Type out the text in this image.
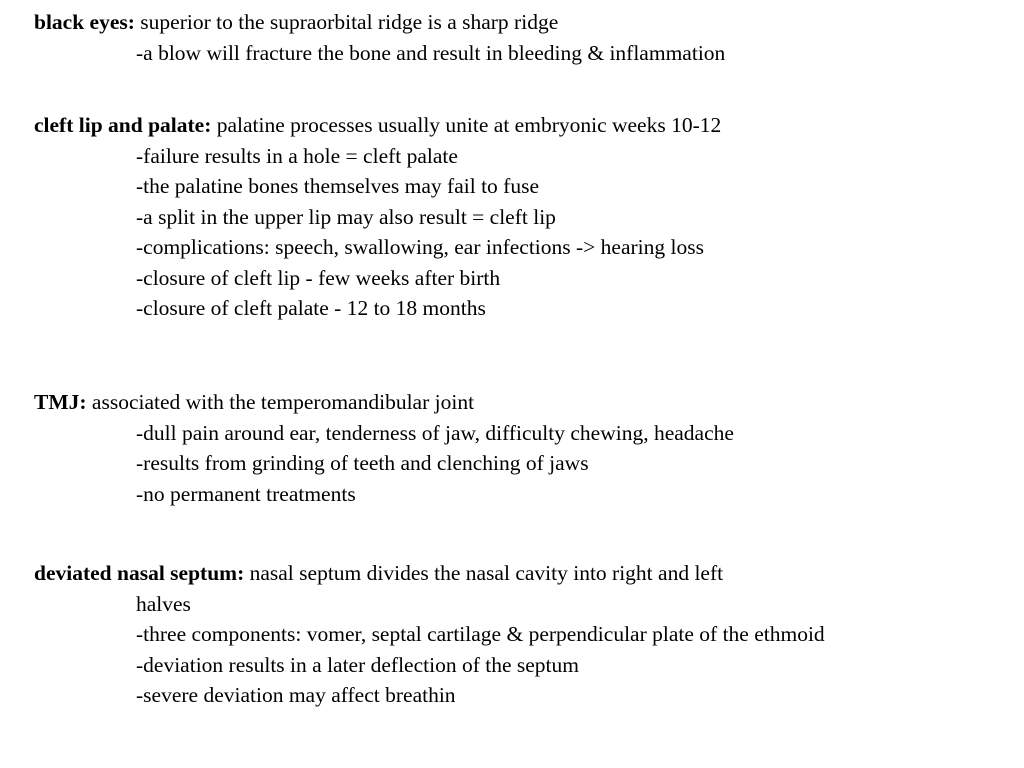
black eyes: superior to the supraorbital ridge is a sharp ridge

-a blow will fracture the bone and result in bleeding & inflammation

cleft lip and palate: palatine processes usually unite at embryonic weeks 10-12

-failure results in a hole = cleft palate

-the palatine bones themselves may fail to fuse

-a split in the upper lip may also result = cleft lip

-complications: speech, swallowing, ear infections -> hearing loss

-closure of cleft lip - few weeks after birth

-closure of cleft palate - 12 to 18 months

TMJ: associated with the temperomandibular joint

-dull pain around ear, tenderness of jaw, difficulty chewing, headache

-results from grinding of teeth and clenching of jaws

-no permanent treatments

deviated nasal septum: nasal septum divides the nasal cavity into right and left

halves

-three components: vomer, septal cartilage & perpendicular plate of the ethmoid

-deviation results in a later deflection of the septum

-severe deviation may affect breathin
